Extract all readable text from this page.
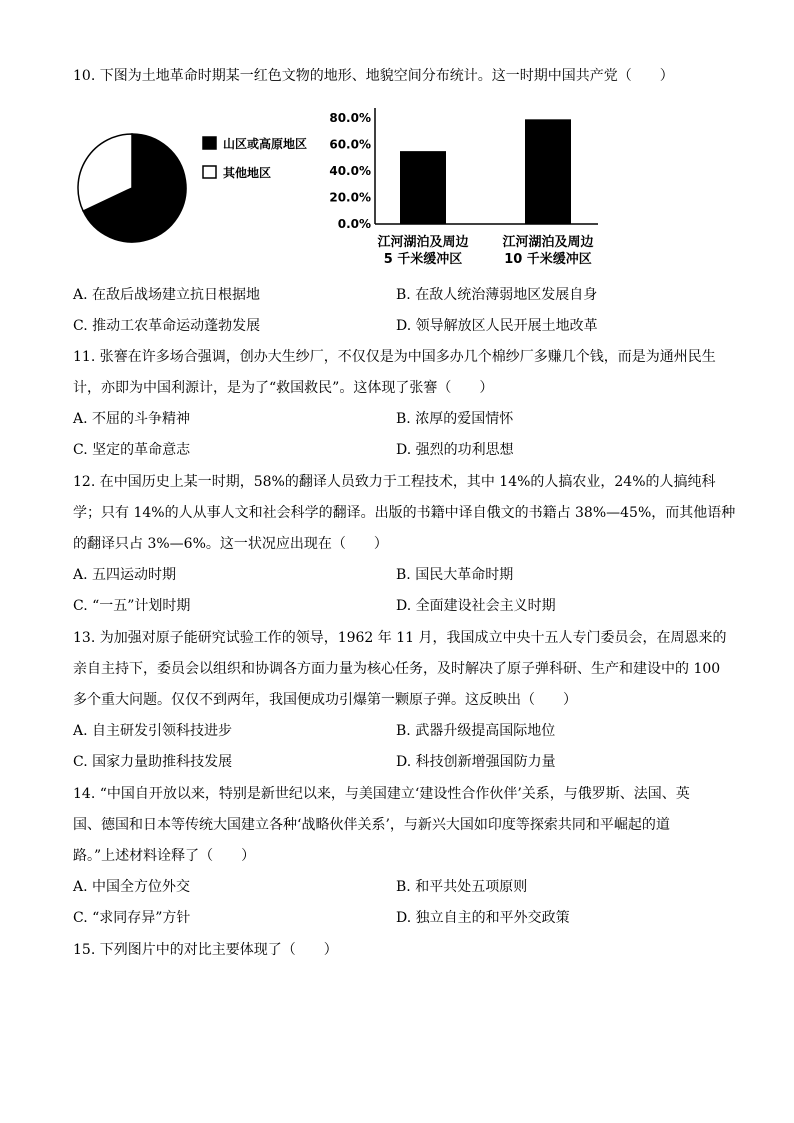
10. 下图为土地革命时期某一红色文物的地形、地貌空间分布统计。这一时期中国共产党（　　）
山区或高原地区
其他地区
0.0%
20.0%
40.0%
60.0%
80.0%
江河湖泊及周边
5 千米缓冲区
江河湖泊及周边
10 千米缓冲区
A. 在敌后战场建立抗日根据地	B. 在敌人统治薄弱地区发展自身
C. 推动工农革命运动蓬勃发展	D. 领导解放区人民开展土地改革
11. 张謇在许多场合强调，创办大生纱厂，不仅仅是为中国多办几个棉纱厂多赚几个钱，而是为通州民生
计，亦即为中国利源计，是为了“救国救民”。这体现了张謇（　　）
A. 不屈的斗争精神	B. 浓厚的爱国情怀
C. 坚定的革命意志	D. 强烈的功利思想
12. 在中国历史上某一时期，58%的翻译人员致力于工程技术，其中 14%的人搞农业，24%的人搞纯科
学；只有 14%的人从事人文和社会科学的翻译。出版的书籍中译自俄文的书籍占 38%—45%，而其他语种
的翻译只占 3%—6%。这一状况应出现在（　　）
A. 五四运动时期	B. 国民大革命时期
C. “一五”计划时期	D. 全面建设社会主义时期
13. 为加强对原子能研究试验工作的领导，1962 年 11 月，我国成立中央十五人专门委员会，在周恩来的
亲自主持下，委员会以组织和协调各方面力量为核心任务，及时解决了原子弹科研、生产和建设中的 100
多个重大问题。仅仅不到两年，我国便成功引爆第一颗原子弹。这反映出（　　）
A. 自主研发引领科技进步	B. 武器升级提高国际地位
C. 国家力量助推科技发展	D. 科技创新增强国防力量
14. “中国自开放以来，特别是新世纪以来，与美国建立‘建设性合作伙伴’关系，与俄罗斯、法国、英
国、德国和日本等传统大国建立各种‘战略伙伴关系’，与新兴大国如印度等探索共同和平崛起的道
路。”上述材料诠释了（　　）
A. 中国全方位外交	B. 和平共处五项原则
C. “求同存异”方针	D. 独立自主的和平外交政策
15. 下列图片中的对比主要体现了（　　）
